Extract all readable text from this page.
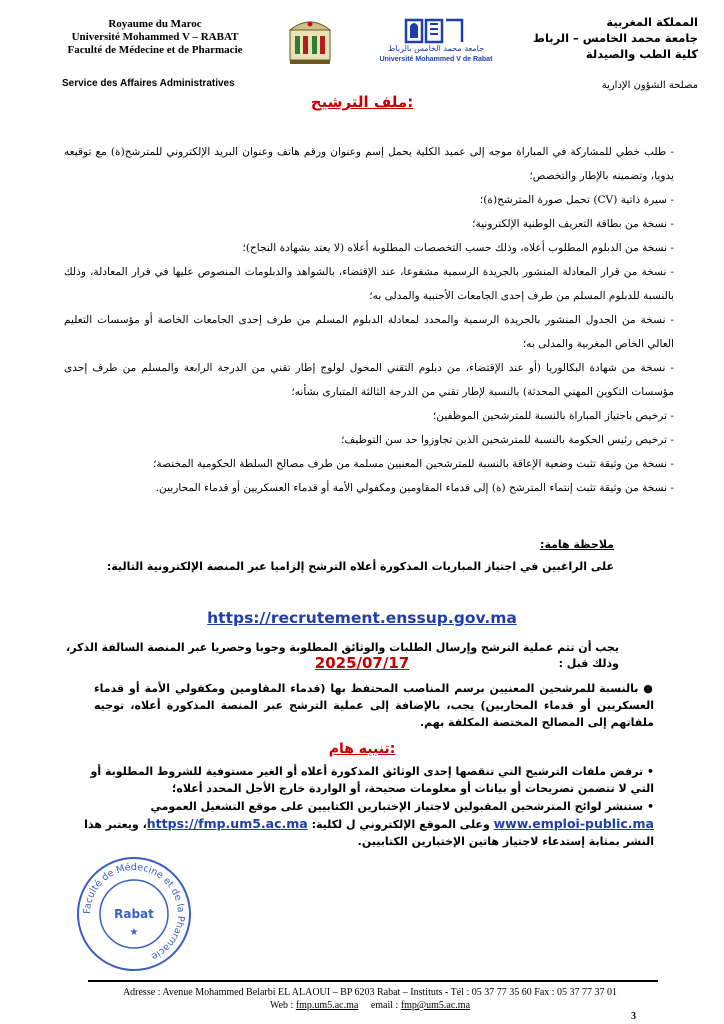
Royaume du Maroc
Université Mohammed V – RABAT
Faculté de Médecine et de Pharmacie
Service des Affaires Administratives
جامعة محمد الخامس بالرباط
Université Mohammed V de Rabat
المملكة المغربية
جامعة محمد الخامس – الرباط
كلية الطب والصيدلة
مصلحة الشؤون الإدارية
ملف الترشيح:

- طلب خطي للمشاركة في المباراة موجه إلى عميد الكلية يحمل إسم وعنوان ورقم هاتف وعنوان البريد الإلكتروني للمترشح(ة) مع توقيعه يدويا، وتضمينه بالإطار والتخصص؛

- سيرة ذاتية (CV) تحمل صورة المترشح(ة)؛

- نسخة من بطاقة التعريف الوطنية الإلكترونية؛

- نسخة من الدبلوم المطلوب أعلاه، وذلك حسب التخصصات المطلوبة أعلاه (لا يعتد بشهادة النجاح)؛

- نسخة من قرار المعادلة المنشور بالجريدة الرسمية مشفوعا، عند الإقتضاء، بالشواهد والدبلومات المنصوص عليها في قرار المعادلة، وذلك بالنسبة للدبلوم المسلم من طرف إحدى الجامعات الأجنبية والمدلى به؛

- نسخة من الجدول المنشور بالجريدة الرسمية والمحدد لمعادلة الدبلوم المسلم من طرف إحدى الجامعات الخاصة أو مؤسسات التعليم العالي الخاص المغربية والمدلى به؛

- نسخة من شهادة البكالوريا (أو عند الإقتضاء، من دبلوم التقني المخول لولوج إطار تقني من الدرجة الرابعة والمسلم من طرف إحدى مؤسسات التكوين المهني المحدثة) بالنسبة لإطار تقني من الدرجة الثالثة المتبارى بشأنه؛

- ترخيص باجتياز المباراة بالنسبة للمترشحين الموظفين؛

- ترخيص رئيس الحكومة بالنسبة للمترشحين الذين تجاوزوا حد سن التوظيف؛

- نسخة من وثيقة تثبت وضعية الإعاقة بالنسبة للمترشحين المعنيين مسلمة من طرف مصالح السلطة الحكومية المختصة؛

- نسخة من وثيقة تثبت إنتماء المترشح (ة) إلى قدماء المقاومين ومكفولي الأمة أو قدماء العسكريين أو قدماء المحاربين.

ملاحظة هامة:
على الراغبين في اجتياز المباريات المذكورة أعلاه الترشح إلزاميا عبر المنصة الإلكترونية التالية:
https://recrutement.enssup.gov.ma
يجب أن تتم عملية الترشح وإرسال الطلبات والوثائق المطلوبة وجوبا وحصريا عبر المنصة السالفة الذكر، وذلك قبل :
2025/07/17
● بالنسبة للمرشحين المعنيين برسم المناصب المحتفظ بها (قدماء المقاومين ومكفولي الأمة أو قدماء العسكريين أو قدماء المحاربين) يجب، بالإضافة إلى عملية الترشح عبر المنصة المذكورة أعلاه، توجيه ملفاتهم إلى المصالح المختصة المكلفة بهم.
تنبيه هام:

• ترفض ملفات الترشيح التي تنقصها إحدى الوثائق المذكورة أعلاه أو الغير مستوفية للشروط المطلوبة أو التي لا تتضمن تصريحات أو بيانات أو معلومات صحيحة، أو الواردة خارج الأجل المحدد أعلاه؛

• ستنشر لوائح المترشحين المقبولين لاجتياز الإختبارين الكتابيين على موقع التشغيل العمومي www.emploi-public.ma وعلى الموقع الإلكتروني ل لكلية: https://fmp.um5.ac.ma، ويعتبر هذا النشر بمثابة إستدعاء لاجتياز هاتين الإختبارين الكتابيين.

Faculté de Médecine et de la Pharmacie
Rabat
★
Adresse : Avenue Mohammed Belarbi EL ALAOUI – BP 6203 Rabat – Instituts - Tél : 05 37 77 35 60 Fax : 05 37 77 37 01
Web : fmp.um5.ac.ma email : fmp@um5.ac.ma
3
